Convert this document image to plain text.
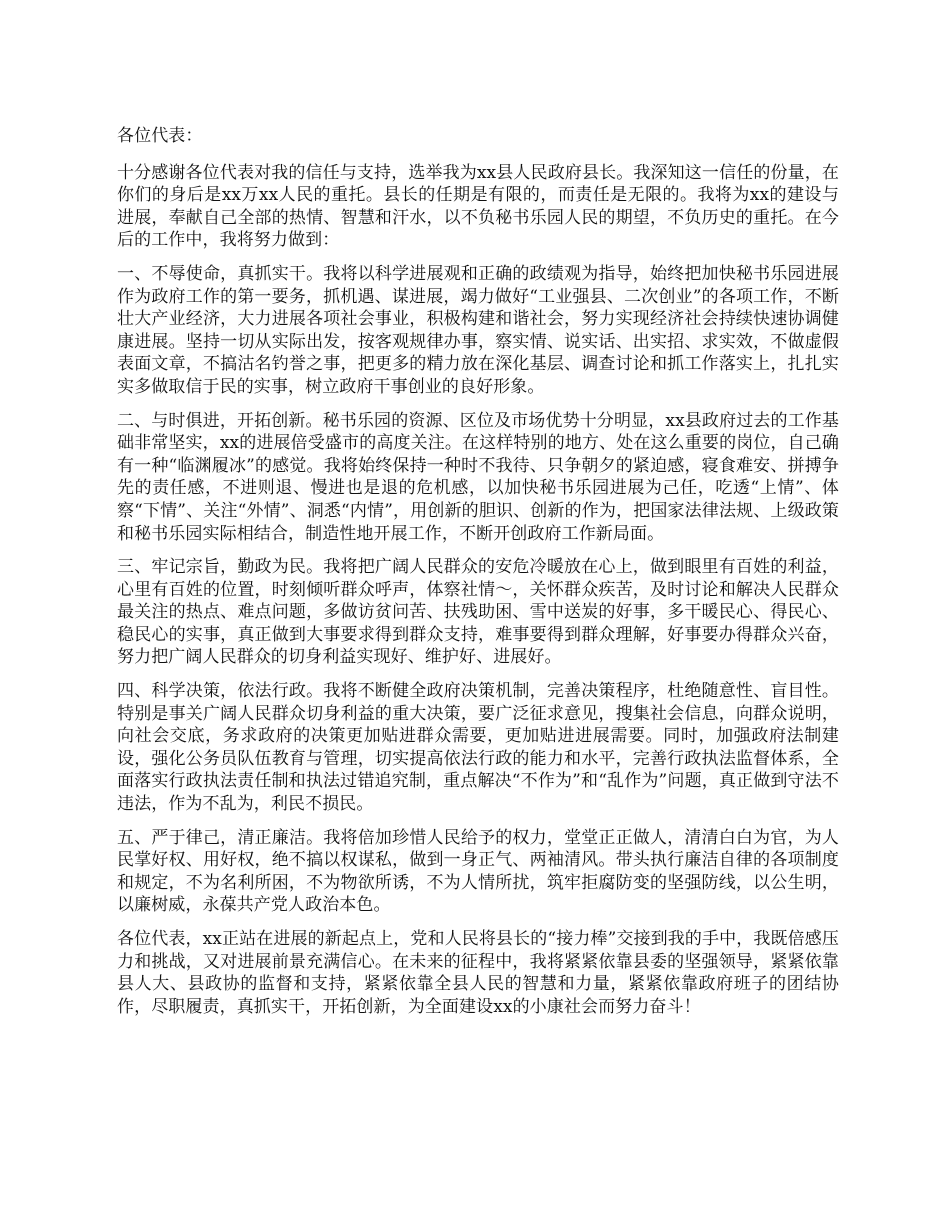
各位代表：

十分感谢各位代表对我的信任与支持，选举我为xx县人民政府县长。我深知这一信任的份量，在你们的身后是xx万xx人民的重托。县长的任期是有限的，而责任是无限的。我将为xx的建设与进展，奉献自己全部的热情、智慧和汗水，以不负秘书乐园人民的期望，不负历史的重托。在今后的工作中，我将努力做到：

一、不辱使命，真抓实干。我将以科学进展观和正确的政绩观为指导，始终把加快秘书乐园进展作为政府工作的第一要务，抓机遇、谋进展，竭力做好“工业强县、二次创业”的各项工作，不断壮大产业经济，大力进展各项社会事业，积极构建和谐社会，努力实现经济社会持续快速协调健康进展。坚持一切从实际出发，按客观规律办事，察实情、说实话、出实招、求实效，不做虚假表面文章，不搞沽名钓誉之事，把更多的精力放在深化基层、调查讨论和抓工作落实上，扎扎实实多做取信于民的实事，树立政府干事创业的良好形象。

二、与时俱进，开拓创新。秘书乐园的资源、区位及市场优势十分明显，xx县政府过去的工作基础非常坚实，xx的进展倍受盛市的高度关注。在这样特别的地方、处在这么重要的岗位，自己确有一种“临渊履冰”的感觉。我将始终保持一种时不我待、只争朝夕的紧迫感，寝食难安、拼搏争先的责任感，不进则退、慢进也是退的危机感，以加快秘书乐园进展为己任，吃透“上情”、体察“下情”、关注“外情”、洞悉“内情”，用创新的胆识、创新的作为，把国家法律法规、上级政策和秘书乐园实际相结合，制造性地开展工作，不断开创政府工作新局面。

三、牢记宗旨，勤政为民。我将把广阔人民群众的安危冷暖放在心上，做到眼里有百姓的利益，心里有百姓的位置，时刻倾听群众呼声，体察社情～，关怀群众疾苦，及时讨论和解决人民群众最关注的热点、难点问题，多做访贫问苦、扶残助困、雪中送炭的好事，多干暖民心、得民心、稳民心的实事，真正做到大事要求得到群众支持，难事要得到群众理解，好事要办得群众兴奋，努力把广阔人民群众的切身利益实现好、维护好、进展好。

四、科学决策，依法行政。我将不断健全政府决策机制，完善决策程序，杜绝随意性、盲目性。特别是事关广阔人民群众切身利益的重大决策，要广泛征求意见，搜集社会信息，向群众说明，向社会交底，务求政府的决策更加贴进群众需要，更加贴进进展需要。同时，加强政府法制建设，强化公务员队伍教育与管理，切实提高依法行政的能力和水平，完善行政执法监督体系，全面落实行政执法责任制和执法过错追究制，重点解决“不作为”和“乱作为”问题，真正做到守法不违法，作为不乱为，利民不损民。

五、严于律己，清正廉洁。我将倍加珍惜人民给予的权力，堂堂正正做人，清清白白为官，为人民掌好权、用好权，绝不搞以权谋私，做到一身正气、两袖清风。带头执行廉洁自律的各项制度和规定，不为名利所困，不为物欲所诱，不为人情所扰，筑牢拒腐防变的坚强防线，以公生明，以廉树威，永葆共产党人政治本色。

各位代表，xx正站在进展的新起点上，党和人民将县长的“接力棒”交接到我的手中，我既倍感压力和挑战，又对进展前景充满信心。在未来的征程中，我将紧紧依靠县委的坚强领导，紧紧依靠县人大、县政协的监督和支持，紧紧依靠全县人民的智慧和力量，紧紧依靠政府班子的团结协作，尽职履责，真抓实干，开拓创新，为全面建设xx的小康社会而努力奋斗！
